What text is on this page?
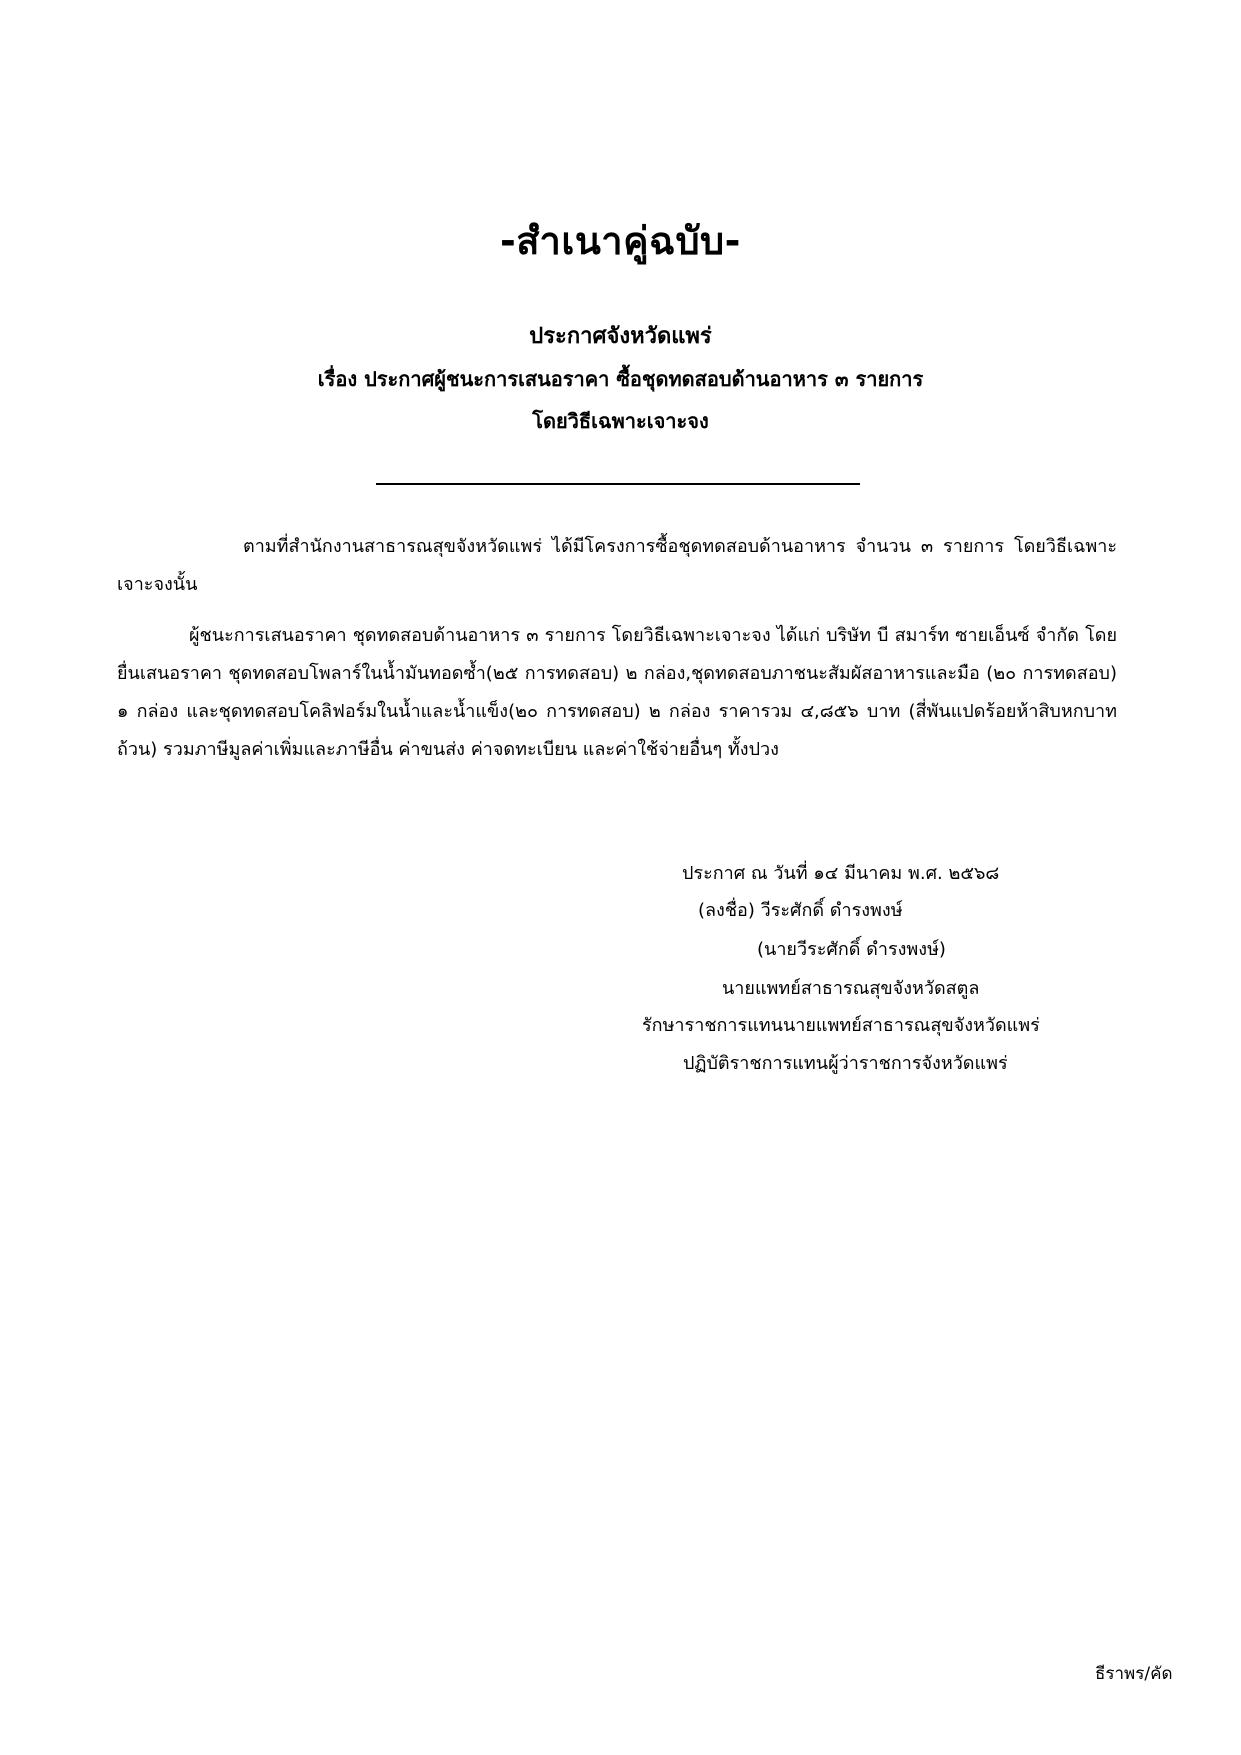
-สำเนาคู่ฉบับ-
ประกาศจังหวัดแพร่
เรื่อง ประกาศผู้ชนะการเสนอราคา ซื้อชุดทดสอบด้านอาหาร ๓ รายการ
โดยวิธีเฉพาะเจาะจง
ตามที่สำนักงานสาธารณสุขจังหวัดแพร่ ได้มีโครงการซื้อชุดทดสอบด้านอาหาร จำนวน ๓ รายการ โดยวิธีเฉพาะเจาะจงนั้น
ผู้ชนะการเสนอราคา ชุดทดสอบด้านอาหาร ๓ รายการ โดยวิธีเฉพาะเจาะจง ได้แก่ บริษัท บี สมาร์ท ซายเอ็นซ์ จำกัด โดยยื่นเสนอราคา ชุดทดสอบโพลาร์ในน้ำมันทอดซ้ำ(๒๕ การทดสอบ) ๒ กล่อง,ชุดทดสอบภาชนะสัมผัสอาหารและมือ (๒๐ การทดสอบ) ๑ กล่อง และชุดทดสอบโคลิฟอร์มในน้ำและน้ำแข็ง(๒๐ การทดสอบ) ๒ กล่อง ราคารวม ๔,๘๕๖ บาท (สี่พันแปดร้อยห้าสิบหกบาทถ้วน) รวมภาษีมูลค่าเพิ่มและภาษีอื่น ค่าขนส่ง ค่าจดทะเบียน และค่าใช้จ่ายอื่นๆ ทั้งปวง
ประกาศ ณ วันที่ ๑๔ มีนาคม พ.ศ. ๒๕๖๘
(ลงชื่อ) วีระศักดิ์ ดำรงพงษ์
(นายวีระศักดิ์ ดำรงพงษ์)
นายแพทย์สาธารณสุขจังหวัดสตูล
รักษาราชการแทนนายแพทย์สาธารณสุขจังหวัดแพร่
ปฏิบัติราชการแทนผู้ว่าราชการจังหวัดแพร่
ธีราพร/คัด
